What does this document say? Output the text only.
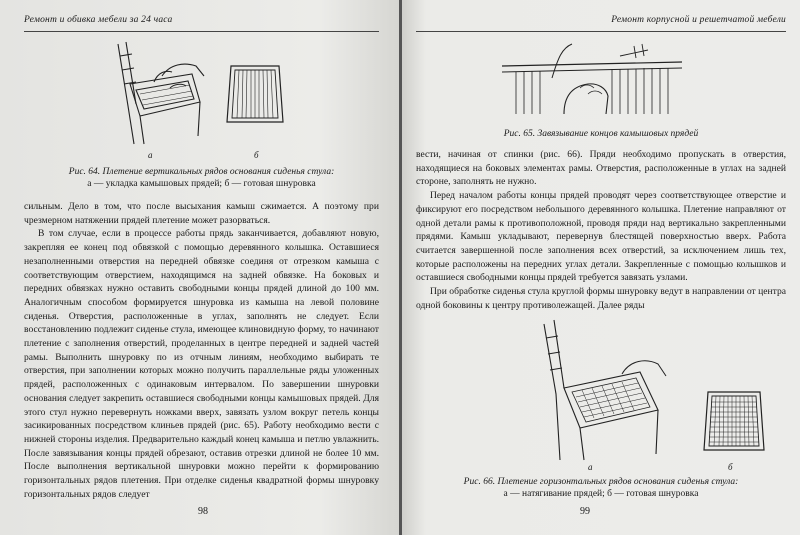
Ремонт и обивка мебели за 24 часа
а	б
Рис. 64. Плетение вертикальных рядов основания сиденья стула:
а — укладка камышовых прядей; б — готовая шнуровка

сильным. Дело в том, что после высыхания камыш сжимается. А поэтому при чрезмерном натяжении прядей плетение может разорваться.

В том случае, если в процессе работы прядь заканчивается, добавляют новую, закрепляя ее конец под обвязкой с помощью деревянного колышка. Оставшиеся незаполненными отверстия на передней обвязке соединя от отрезком камыша с соответствующим отверстием, находящимся на задней обвязке. На боковых и передних обвязках нужно оставить свободными концы прядей длиной до 100 мм. Аналогичным способом формируется шнуровка из камыша на левой половине сиденья. Отверстия, расположенные в углах, заполнять не следует. Если восстановлению подлежит сиденье стула, имеющее клиновидную форму, то начинают плетение с заполнения отверстий, проделанных в центре передней и задней частей рамы. Выполнить шнуровку по из отчным линиям, необходимо выбирать те отверстия, при заполнении которых можно получить параллельные ряды уложенных прядей, расположенных с одинаковым интервалом. По завершении шнуровки основания следует закрепить оставшиеся свободными концы камышовых прядей. Для этого стул нужно перевернуть ножками вверх, завязать узлом вокруг петель концы засикированных посредством клиньев прядей (рис. 65). Работу необходимо вести с нижней стороны изделия. Предварительно каждый конец камыша и петлю увлажнить. После завязывания концы прядей обрезают, оставив отрезки длиной не более 10 мм. После выполнения вертикальной шнуровки можно перейти к формированию горизонтальных рядов плетения. При отделке сиденья квадратной формы шнуровку горизонтальных рядов следует

98
Ремонт корпусной и решетчатой мебели
Рис. 65. Завязывание концов камышовых прядей

вести, начиная от спинки (рис. 66). Пряди необходимо пропускать в отверстия, находящиеся на боковых элементах рамы. Отверстия, расположенные в углах на задней стороне, заполнять не нужно.

Перед началом работы концы прядей проводят через соответствующее отверстие и фиксируют его посредством небольшого деревянного колышка. Плетение направляют от одной детали рамы к противоположной, проводя пряди над вертикально закрепленными прядями. Камыш укладывают, перевернув блестящей поверхностью вверх. Работа считается завершенной после заполнения всех отверстий, за исключением лишь тех, которые расположены на передних углах детали. Закрепленные с помощью колышков и оставшиеся свободными концы прядей требуется завязать узлами.

При обработке сиденья стула круглой формы шнуровку ведут в направлении от центра одной боковины к центру противолежащей. Далее ряды

а	б
Рис. 66. Плетение горизонтальных рядов основания сиденья стула:
а — натягивание прядей; б — готовая шнуровка
99
